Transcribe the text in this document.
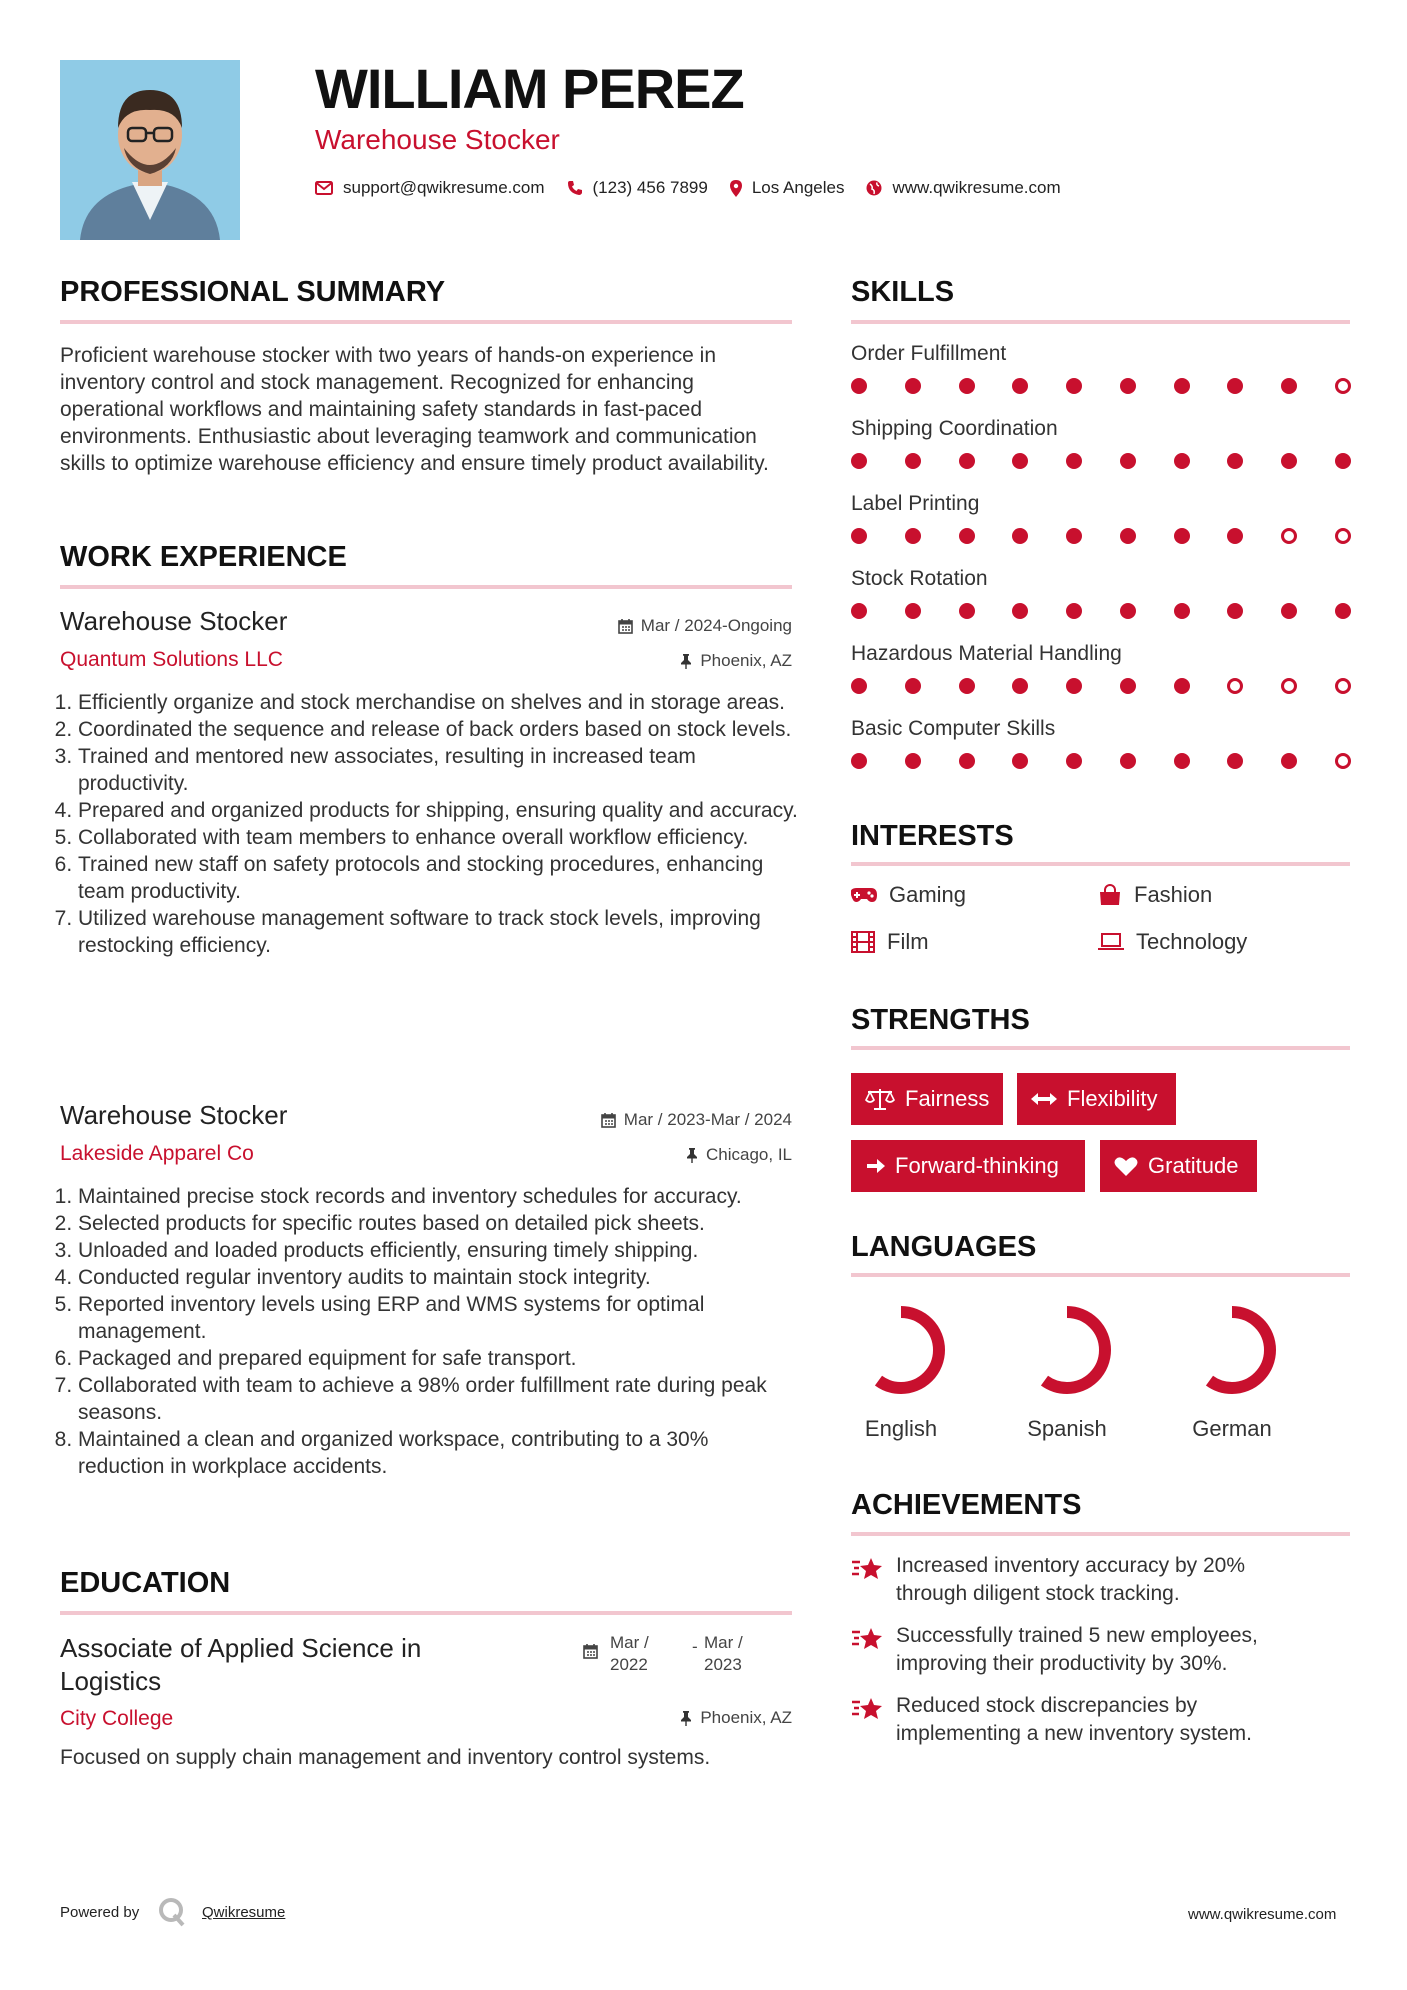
WILLIAM PEREZ
Warehouse Stocker
support@qwikresume.com	(123) 456 7899	Los Angeles	www.qwikresume.com
PROFESSIONAL SUMMARY
Proficient warehouse stocker with two years of hands-on experience in inventory control and stock management. Recognized for enhancing operational workflows and maintaining safety standards in fast-paced environments. Enthusiastic about leveraging teamwork and communication skills to optimize warehouse efficiency and ensure timely product availability.
WORK EXPERIENCE
Warehouse Stocker	Mar / 2024-Ongoing
Quantum Solutions LLC	Phoenix, AZ
1. Efficiently organize and stock merchandise on shelves and in storage areas.
2. Coordinated the sequence and release of back orders based on stock levels.
3. Trained and mentored new associates, resulting in increased team productivity.
4. Prepared and organized products for shipping, ensuring quality and accuracy.
5. Collaborated with team members to enhance overall workflow efficiency.
6. Trained new staff on safety protocols and stocking procedures, enhancing team productivity.
7. Utilized warehouse management software to track stock levels, improving restocking efficiency.
Warehouse Stocker	Mar / 2023-Mar / 2024
Lakeside Apparel Co	Chicago, IL
1. Maintained precise stock records and inventory schedules for accuracy.
2. Selected products for specific routes based on detailed pick sheets.
3. Unloaded and loaded products efficiently, ensuring timely shipping.
4. Conducted regular inventory audits to maintain stock integrity.
5. Reported inventory levels using ERP and WMS systems for optimal management.
6. Packaged and prepared equipment for safe transport.
7. Collaborated with team to achieve a 98% order fulfillment rate during peak seasons.
8. Maintained a clean and organized workspace, contributing to a 30% reduction in workplace accidents.
EDUCATION
Associate of Applied Science in Logistics
Mar / 2022
- Mar / 2023
City College	Phoenix, AZ
Focused on supply chain management and inventory control systems.
SKILLS
Order Fulfillment
Shipping Coordination
Label Printing
Stock Rotation
Hazardous Material Handling
Basic Computer Skills
INTERESTS
Gaming	Fashion
Film	Technology
STRENGTHS
Fairness	Flexibility
Forward-thinking	Gratitude
LANGUAGES
English	Spanish	German
ACHIEVEMENTS
Increased inventory accuracy by 20% through diligent stock tracking.
Successfully trained 5 new employees, improving their productivity by 30%.
Reduced stock discrepancies by implementing a new inventory system.
Powered by	Qwikresume	www.qwikresume.com
